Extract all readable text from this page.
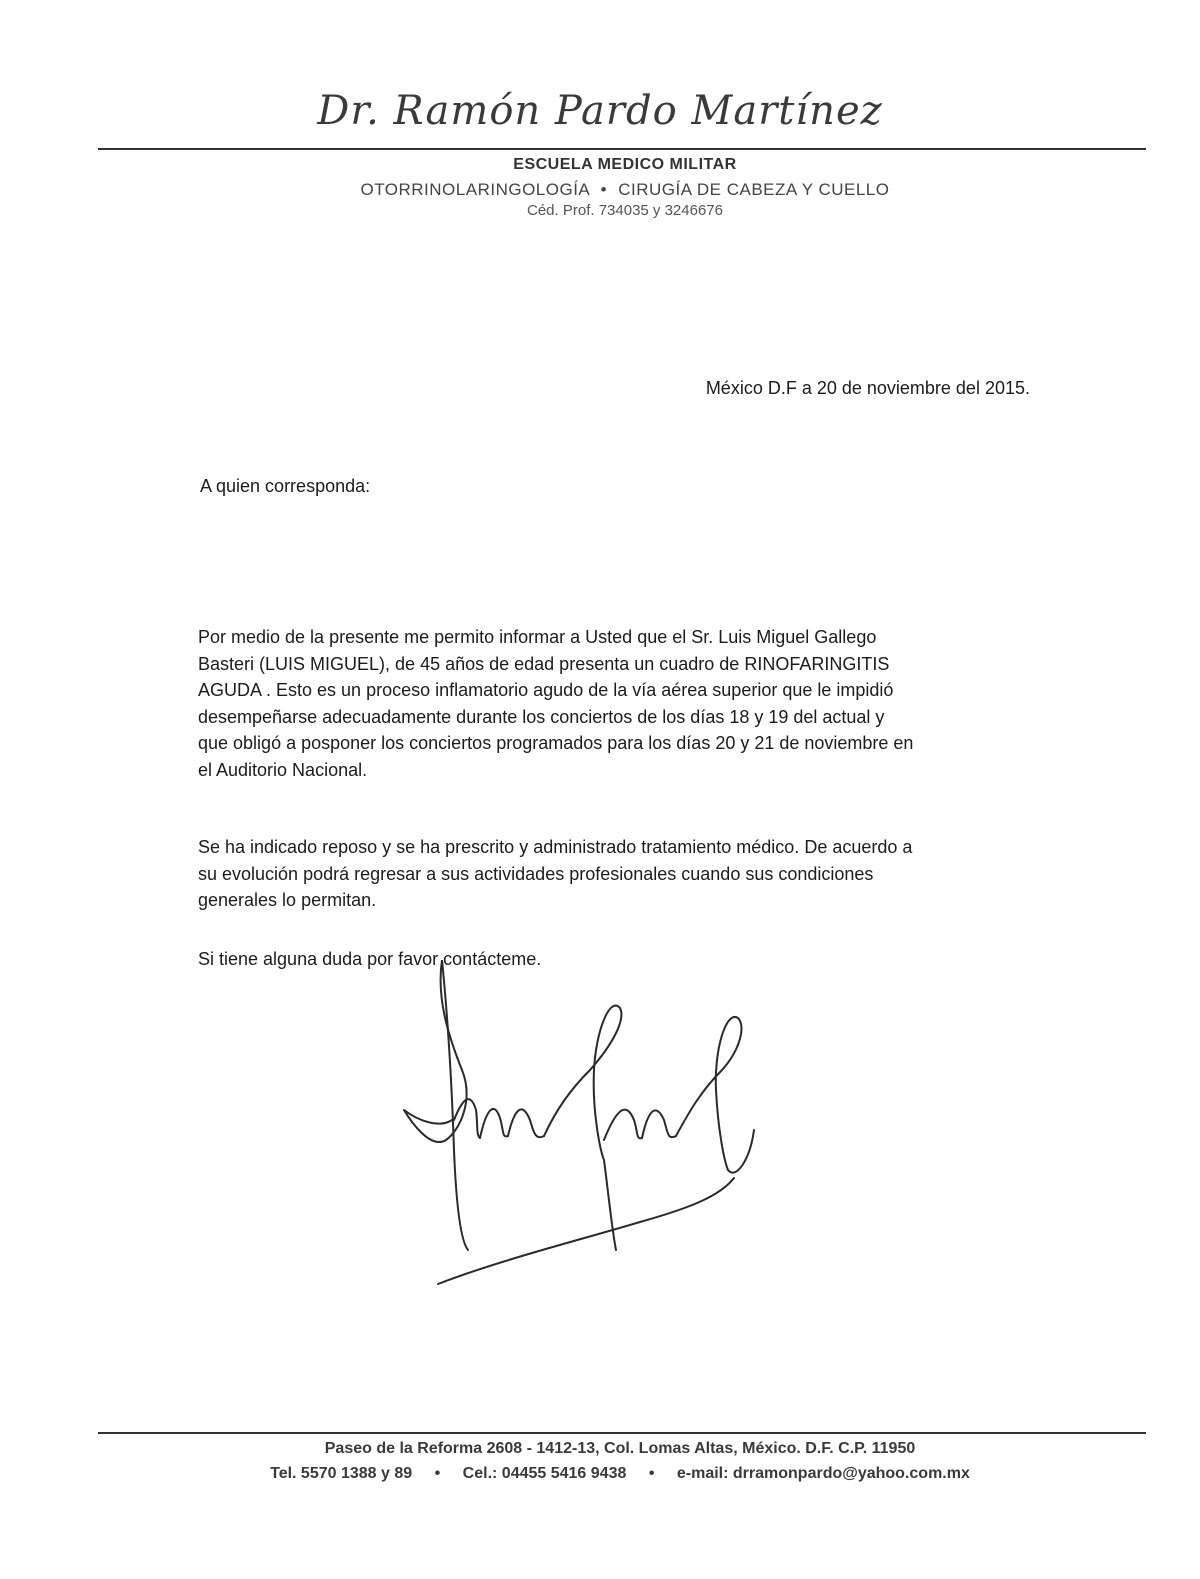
Dr. Ramón Pardo Martínez
ESCUELA MEDICO MILITAR
OTORRINOLARINGOLOGÍA • CIRUGÍA DE CABEZA Y CUELLO
Céd. Prof. 734035 y 3246676
México D.F a 20 de noviembre del 2015.
A quien corresponda:
Por medio de la presente me permito informar a Usted que el Sr. Luis Miguel Gallego
Basteri (LUIS MIGUEL), de 45 años de edad presenta un cuadro de RINOFARINGITIS
AGUDA . Esto es un proceso inflamatorio agudo de la vía aérea superior que le impidió
desempeñarse adecuadamente durante los conciertos de los días 18 y 19 del actual y
que obligó a posponer los conciertos programados para los días 20 y 21 de noviembre en
el Auditorio Nacional.
Se ha indicado reposo y se ha prescrito y administrado tratamiento médico. De acuerdo a
su evolución podrá regresar a sus actividades profesionales cuando sus condiciones
generales lo permitan.
Si tiene alguna duda por favor contácteme.
Paseo de la Reforma 2608 - 1412-13, Col. Lomas Altas, México. D.F. C.P. 11950
Tel. 5570 1388 y 89 • Cel.: 04455 5416 9438 • e-mail: drramonpardo@yahoo.com.mx
